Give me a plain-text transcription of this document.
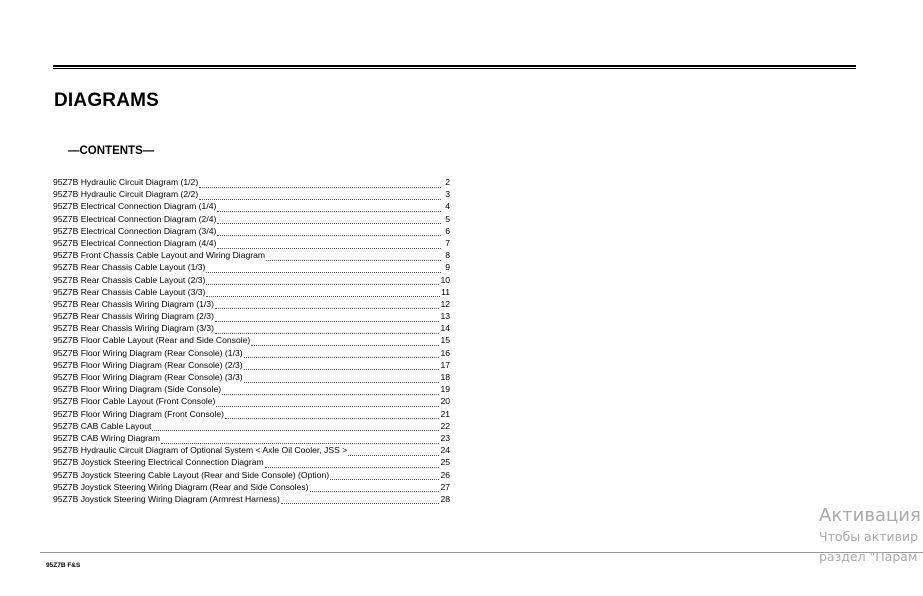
DIAGRAMS
—CONTENTS—
95Z7B Hydraulic Circuit Diagram (1/2)	2
95Z7B Hydraulic Circuit Diagram (2/2)	3
95Z7B Electrical Connection Diagram (1/4)	4
95Z7B Electrical Connection Diagram (2/4)	5
95Z7B Electrical Connection Diagram (3/4)	6
95Z7B Electrical Connection Diagram (4/4)	7
95Z7B Front Chassis Cable Layout and Wiring Diagram	8
95Z7B Rear Chassis Cable Layout (1/3)	9
95Z7B Rear Chassis Cable Layout (2/3)	10
95Z7B Rear Chassis Cable Layout (3/3)	11
95Z7B Rear Chassis Wiring Diagram (1/3)	12
95Z7B Rear Chassis Wiring Diagram (2/3)	13
95Z7B Rear Chassis Wiring Diagram (3/3)	14
95Z7B Floor Cable Layout (Rear and Side Console)	15
95Z7B Floor Wiring Diagram (Rear Console) (1/3)	16
95Z7B Floor Wiring Diagram (Rear Console) (2/3)	17
95Z7B Floor Wiring Diagram (Rear Console) (3/3)	18
95Z7B Floor Wiring Diagram (Side Console)	19
95Z7B Floor Cable Layout (Front Console)	20
95Z7B Floor Wiring Diagram (Front Console)	21
95Z7B CAB Cable Layout	22
95Z7B CAB Wiring Diagram	23
95Z7B Hydraulic Circuit Diagram of Optional System < Axle Oil Cooler, JSS >	24
95Z7B Joystick Steering Electrical Connection Diagram	25
95Z7B Joystick Steering Cable Layout (Rear and Side Console) (Option)	26
95Z7B Joystick Steering Wiring Diagram (Rear and Side Consoles)	27
95Z7B Joystick Steering Wiring Diagram (Armrest Harness)	28
95Z7B F&S
Активация
Чтобы активир
раздел "Парам
